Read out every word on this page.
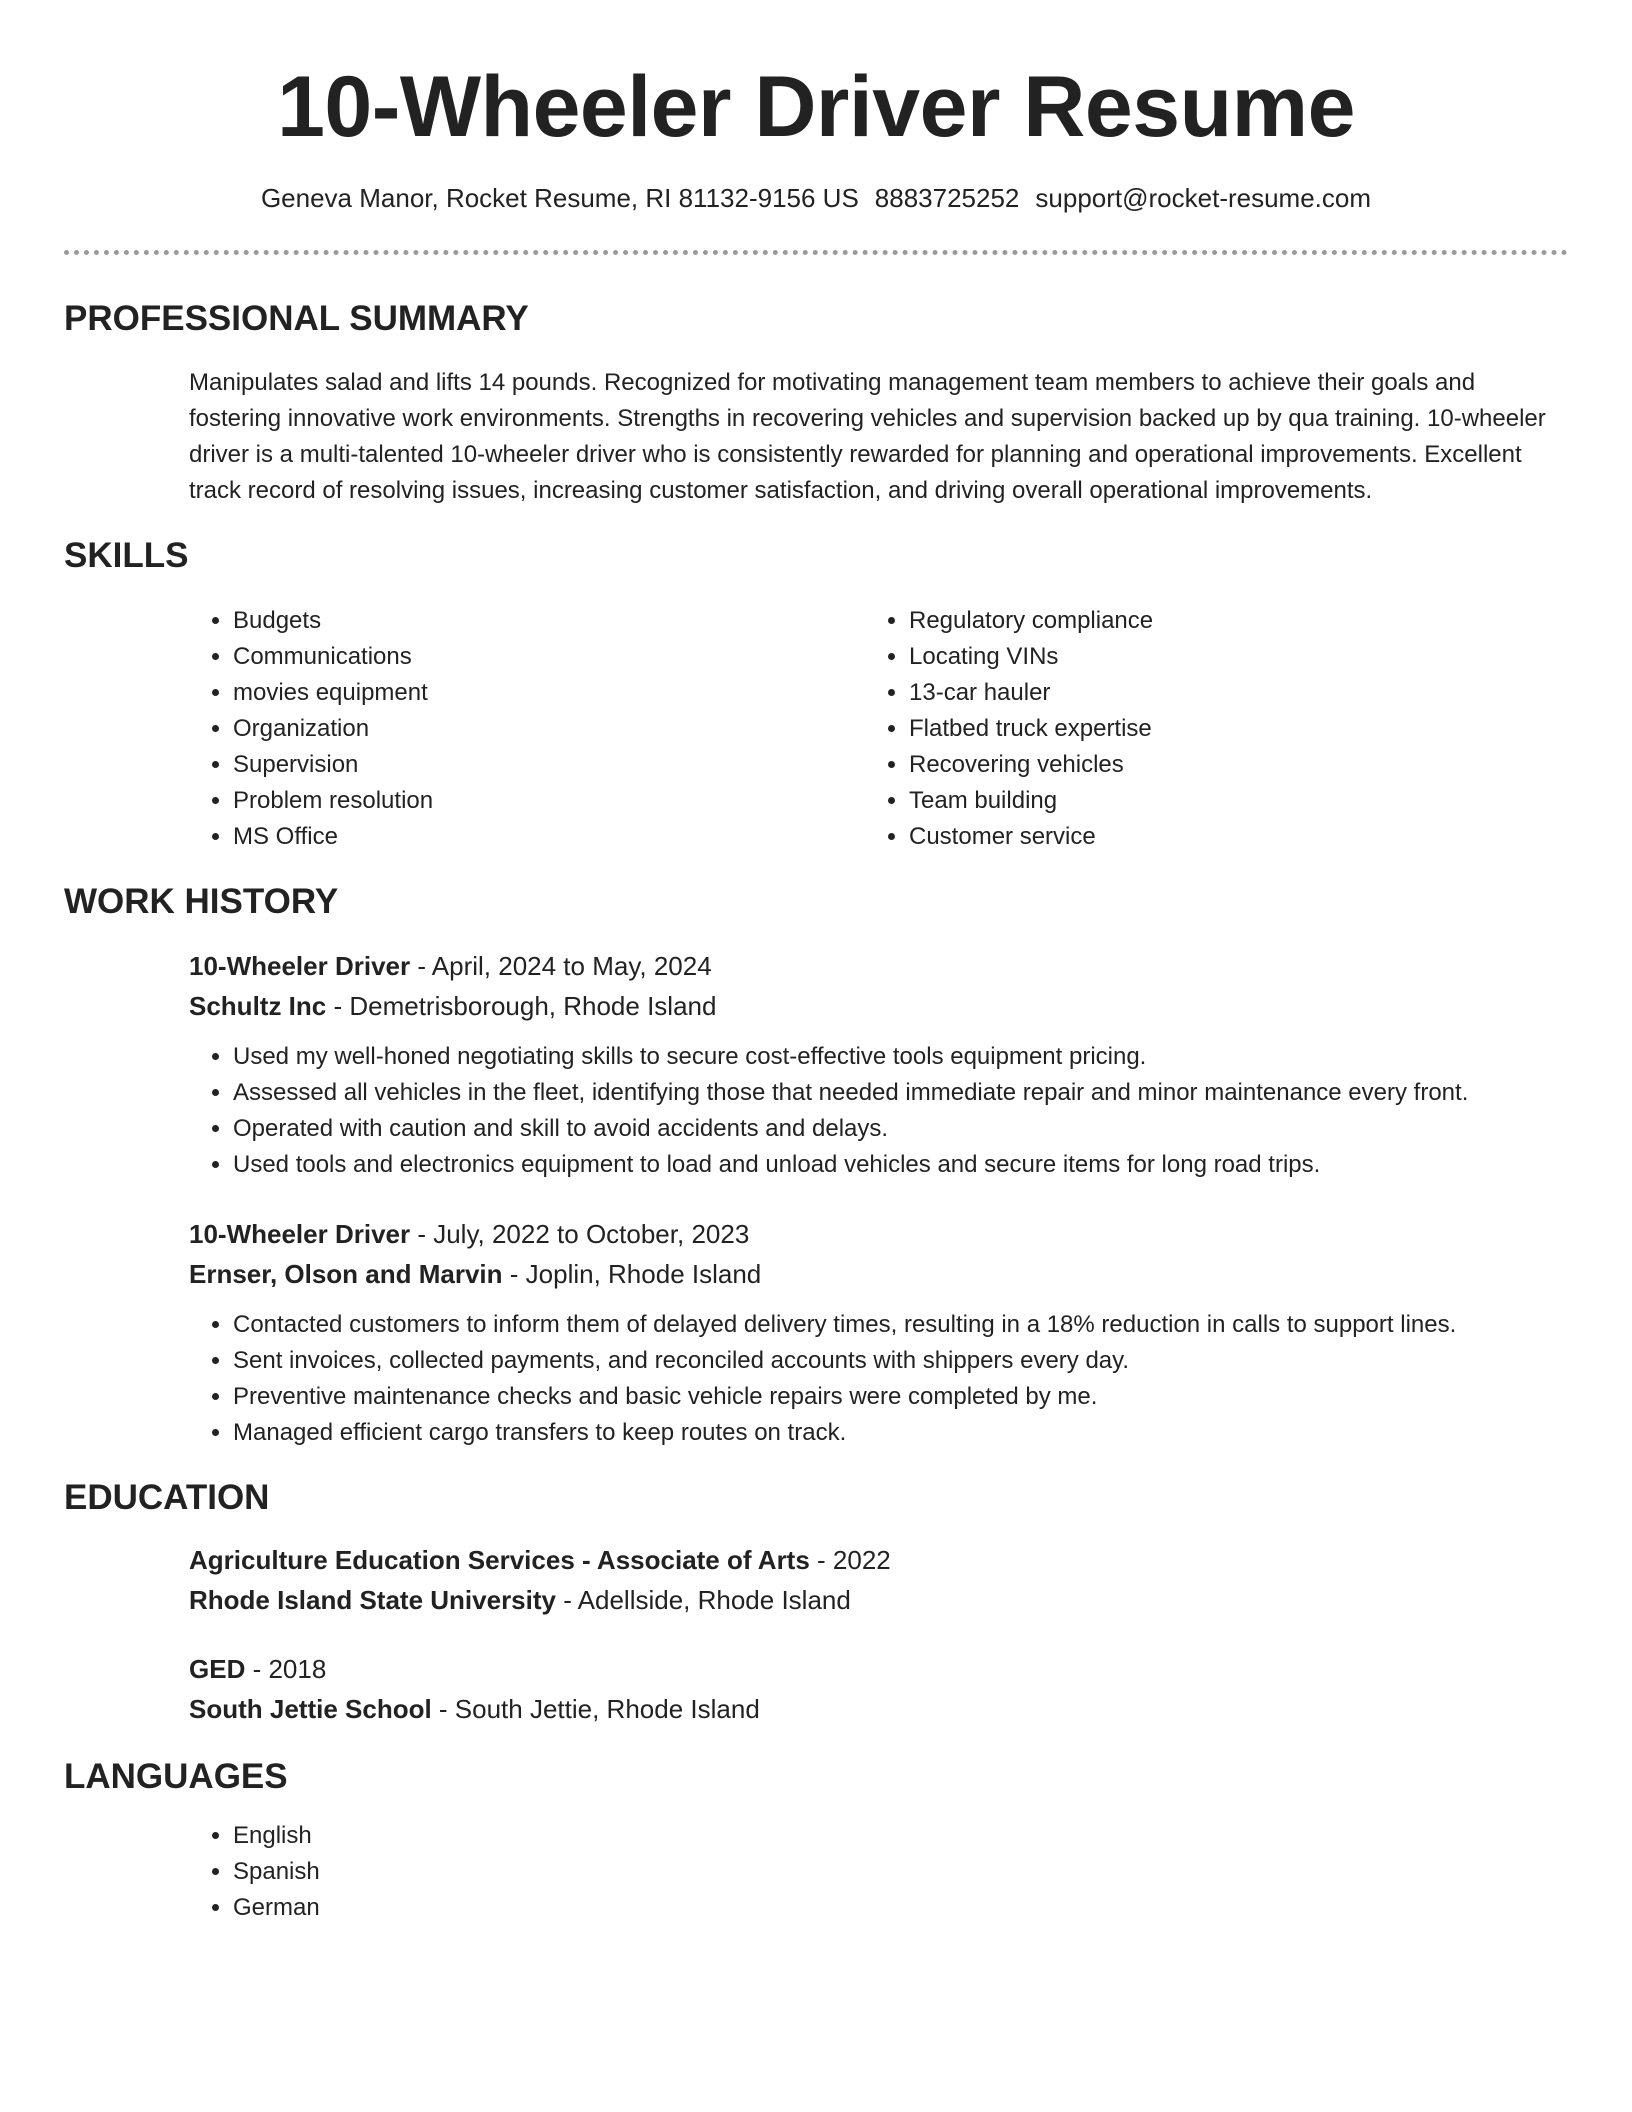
10-Wheeler Driver Resume
Geneva Manor, Rocket Resume, RI 81132-9156 US 8883725252 support@rocket-resume.com
PROFESSIONAL SUMMARY

Manipulates salad and lifts 14 pounds. Recognized for motivating management team members to achieve their goals and fostering innovative work environments. Strengths in recovering vehicles and supervision backed up by qua training. 10-wheeler driver is a multi-talented 10-wheeler driver who is consistently rewarded for planning and operational improvements. Excellent track record of resolving issues, increasing customer satisfaction, and driving overall operational improvements.

SKILLS
• Budgets
• Communications
• movies equipment
• Organization
• Supervision
• Problem resolution
• MS Office
• Regulatory compliance
• Locating VINs
• 13-car hauler
• Flatbed truck expertise
• Recovering vehicles
• Team building
• Customer service
WORK HISTORY
10-Wheeler Driver - April, 2024 to May, 2024
Schultz Inc - Demetrisborough, Rhode Island
• Used my well-honed negotiating skills to secure cost-effective tools equipment pricing.
• Assessed all vehicles in the fleet, identifying those that needed immediate repair and minor maintenance every front.
• Operated with caution and skill to avoid accidents and delays.
• Used tools and electronics equipment to load and unload vehicles and secure items for long road trips.
10-Wheeler Driver - July, 2022 to October, 2023
Ernser, Olson and Marvin - Joplin, Rhode Island
• Contacted customers to inform them of delayed delivery times, resulting in a 18% reduction in calls to support lines.
• Sent invoices, collected payments, and reconciled accounts with shippers every day.
• Preventive maintenance checks and basic vehicle repairs were completed by me.
• Managed efficient cargo transfers to keep routes on track.
EDUCATION
Agriculture Education Services - Associate of Arts - 2022
Rhode Island State University - Adellside, Rhode Island
GED - 2018
South Jettie School - South Jettie, Rhode Island
LANGUAGES
• English
• Spanish
• German
